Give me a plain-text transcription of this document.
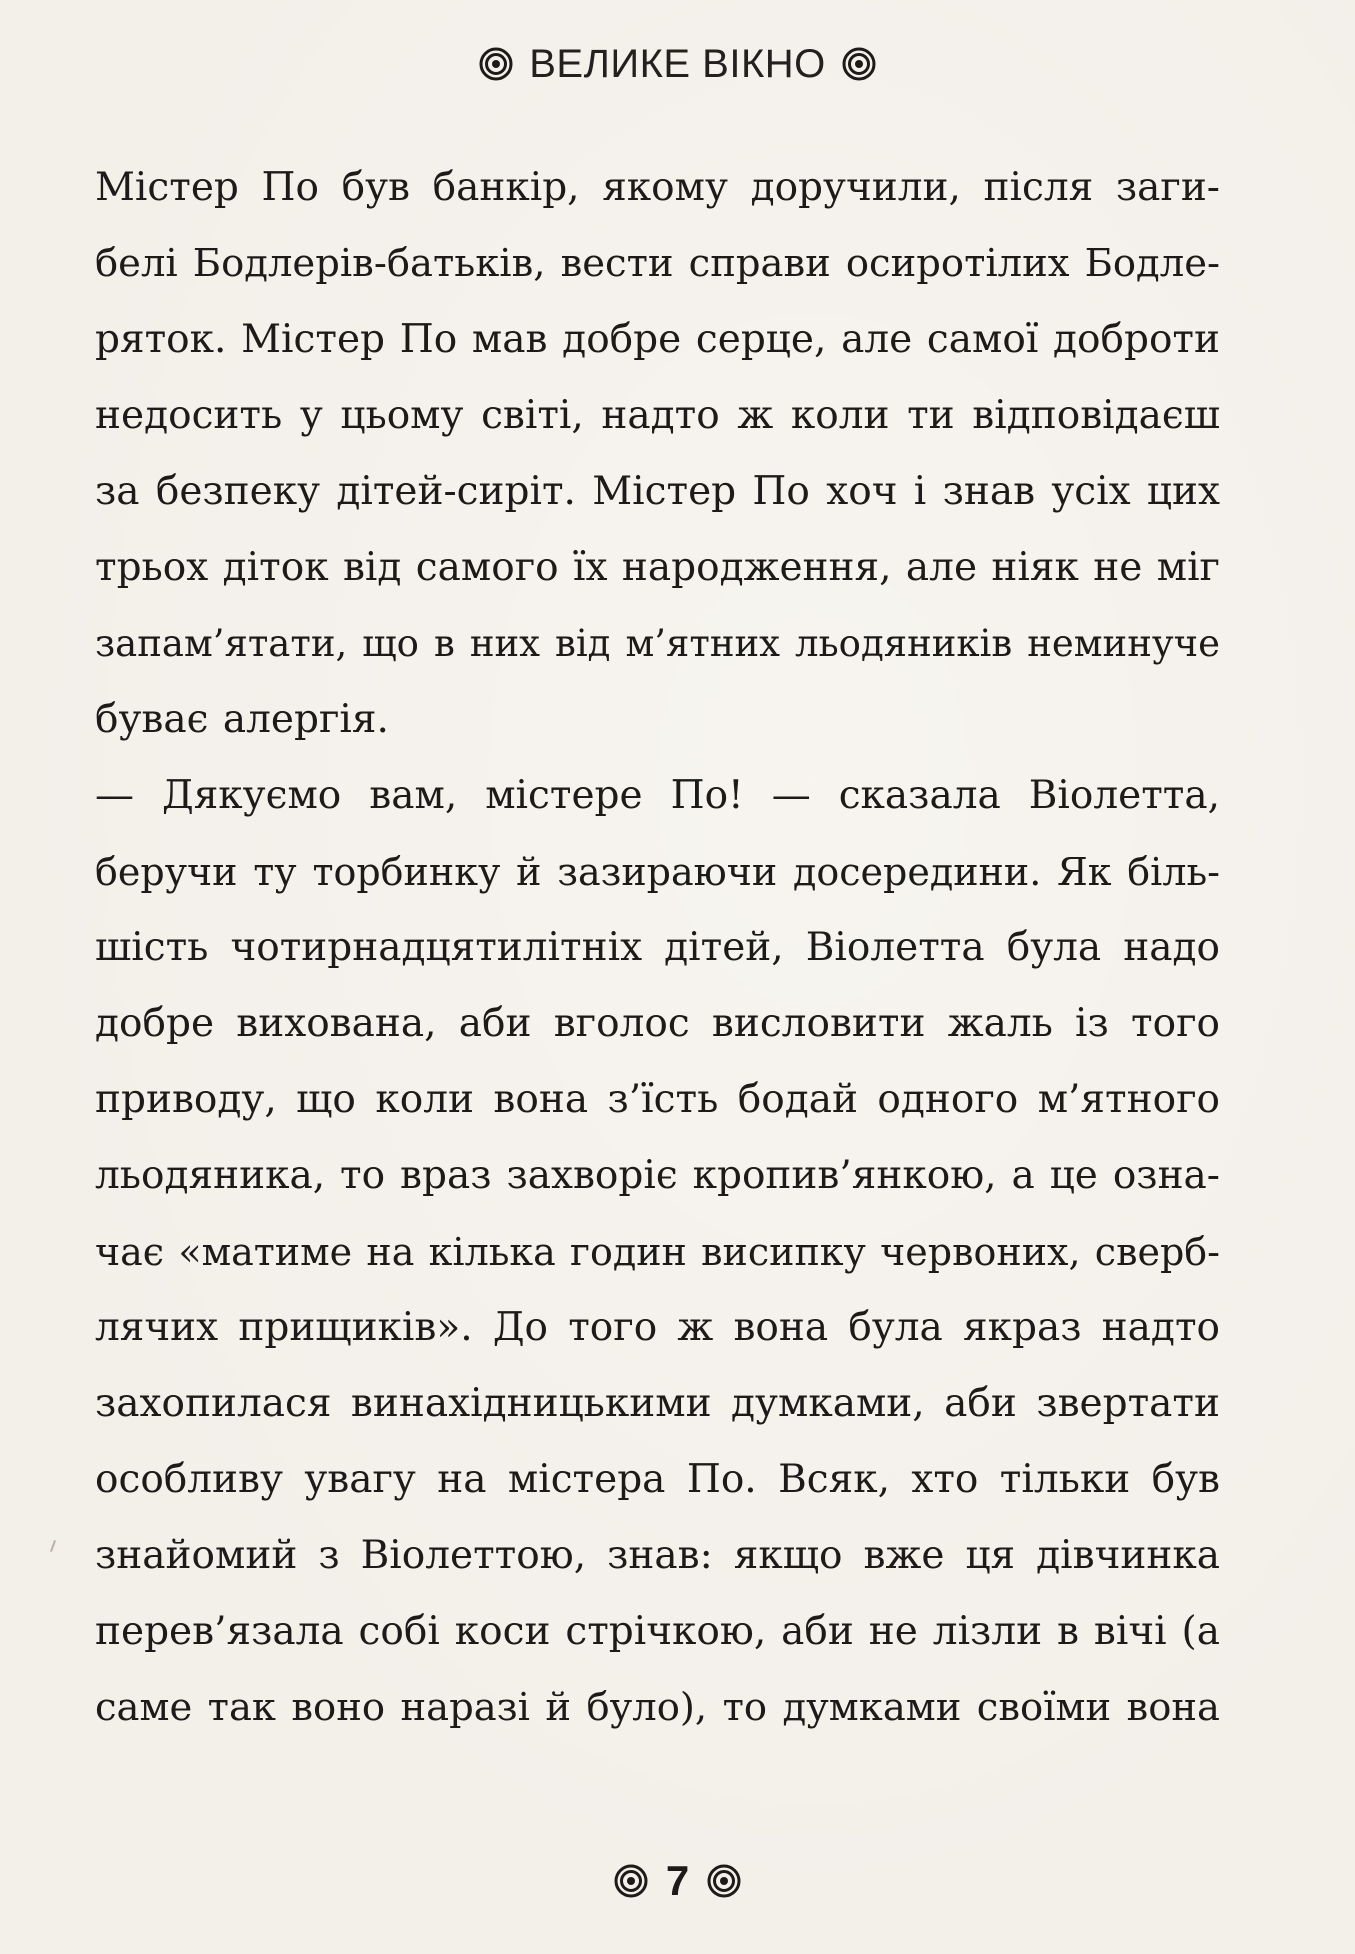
ВЕЛИКЕ ВІКНО
Містер По був банкір, якому доручили, після заги-
белі Бодлерів-батьків, вести справи осиротілих Бодле-
ряток. Містер По мав добре серце, але самої доброти
недосить у цьому світі, надто ж коли ти відповідаєш
за безпеку дітей-сиріт. Містер По хоч і знав усіх цих
трьох діток від самого їх народження, але ніяк не міг
запам’ятати, що в них від м’ятних льодяників неминуче
буває алергія.
— Дякуємо вам, містере По! — сказала Віолетта,
беручи ту торбинку й зазираючи досередини. Як біль-
шість чотирнадцятилітніх дітей, Віолетта була надо
добре вихована, аби вголос висловити жаль із того
приводу, що коли вона з’їсть бодай одного м’ятного
льодяника, то враз захворіє кропив’янкою, а це озна-
чає «матиме на кілька годин висипку червоних, сверб-
лячих прищиків». До того ж вона була якраз надто
захопилася винахідницькими думками, аби звертати
особливу увагу на містера По. Всяк, хто тільки був
знайомий з Віолеттою, знав: якщо вже ця дівчинка
перев’язала собі коси стрічкою, аби не лізли в вічі (а
саме так воно наразі й було), то думками своїми вона
7
